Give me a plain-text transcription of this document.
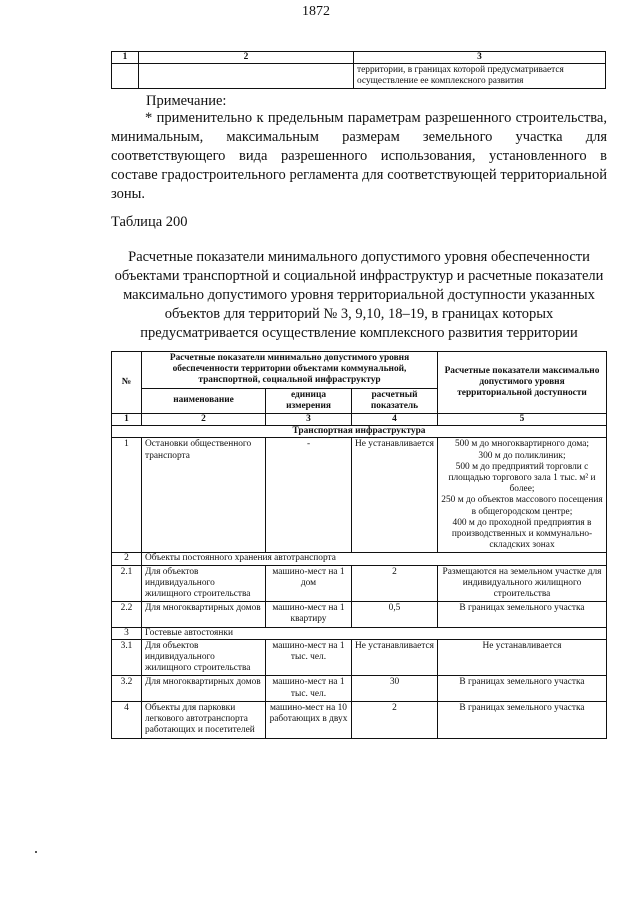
1872
1	2	3
		территории, в границах которой предусматривается осуществление ее комплексного развития
Примечание:

* применительно к предельным параметрам разрешенного строительства, минимальным, максимальным размерам земельного участка для соответствующего вида разрешенного использования, установленного в составе градостроительного регламента для соответствующей территориальной зоны.

Таблица 200

Расчетные показатели минимального допустимого уровня обеспеченности объектами транспортной и социальной инфраструктур и расчетные показатели максимально допустимого уровня территориальной доступности указанных объектов для территорий № 3, 9,10, 18–19, в границах которых предусматривается осуществление комплексного развития территории

№	Расчетные показатели минимально допустимого уровня обеспеченности территории объектами коммунальной, транспортной, социальной инфраструктур			Расчетные показатели максимально допустимого уровня территориальной доступности
	наименование	единица измерения	расчетный показатель	
1	2	3	4	5
Транспортная инфраструктура				
1	Остановки общественного транспорта	-	Не устанавливается	500 м до многоквартирного дома;
300 м до поликлиник;
500 м до предприятий торговли с площадью торгового зала 1 тыс. м² и более;
250 м до объектов массового посещения в общегородском центре;
400 м до проходной предприятия в производственных и коммунально-складских зонах

2	Объекты постоянного хранения автотранспорта			
2.1	Для объектов индивидуального жилищного строительства	машино-мест на 1 дом	2	Размещаются на земельном участке для индивидуального жилищного строительства
2.2	Для многоквартирных домов	машино-мест на 1 квартиру	0,5	В границах земельного участка
3	Гостевые автостоянки			
3.1	Для объектов индивидуального жилищного строительства	машино-мест на 1 тыс. чел.	Не устанавливается	Не устанавливается
3.2	Для многоквартирных домов	машино-мест на 1 тыс. чел.	30	В границах земельного участка
4	Объекты для парковки легкового автотранспорта работающих и посетителей	машино-мест на 10 работающих в двух	2	В границах земельного участка
